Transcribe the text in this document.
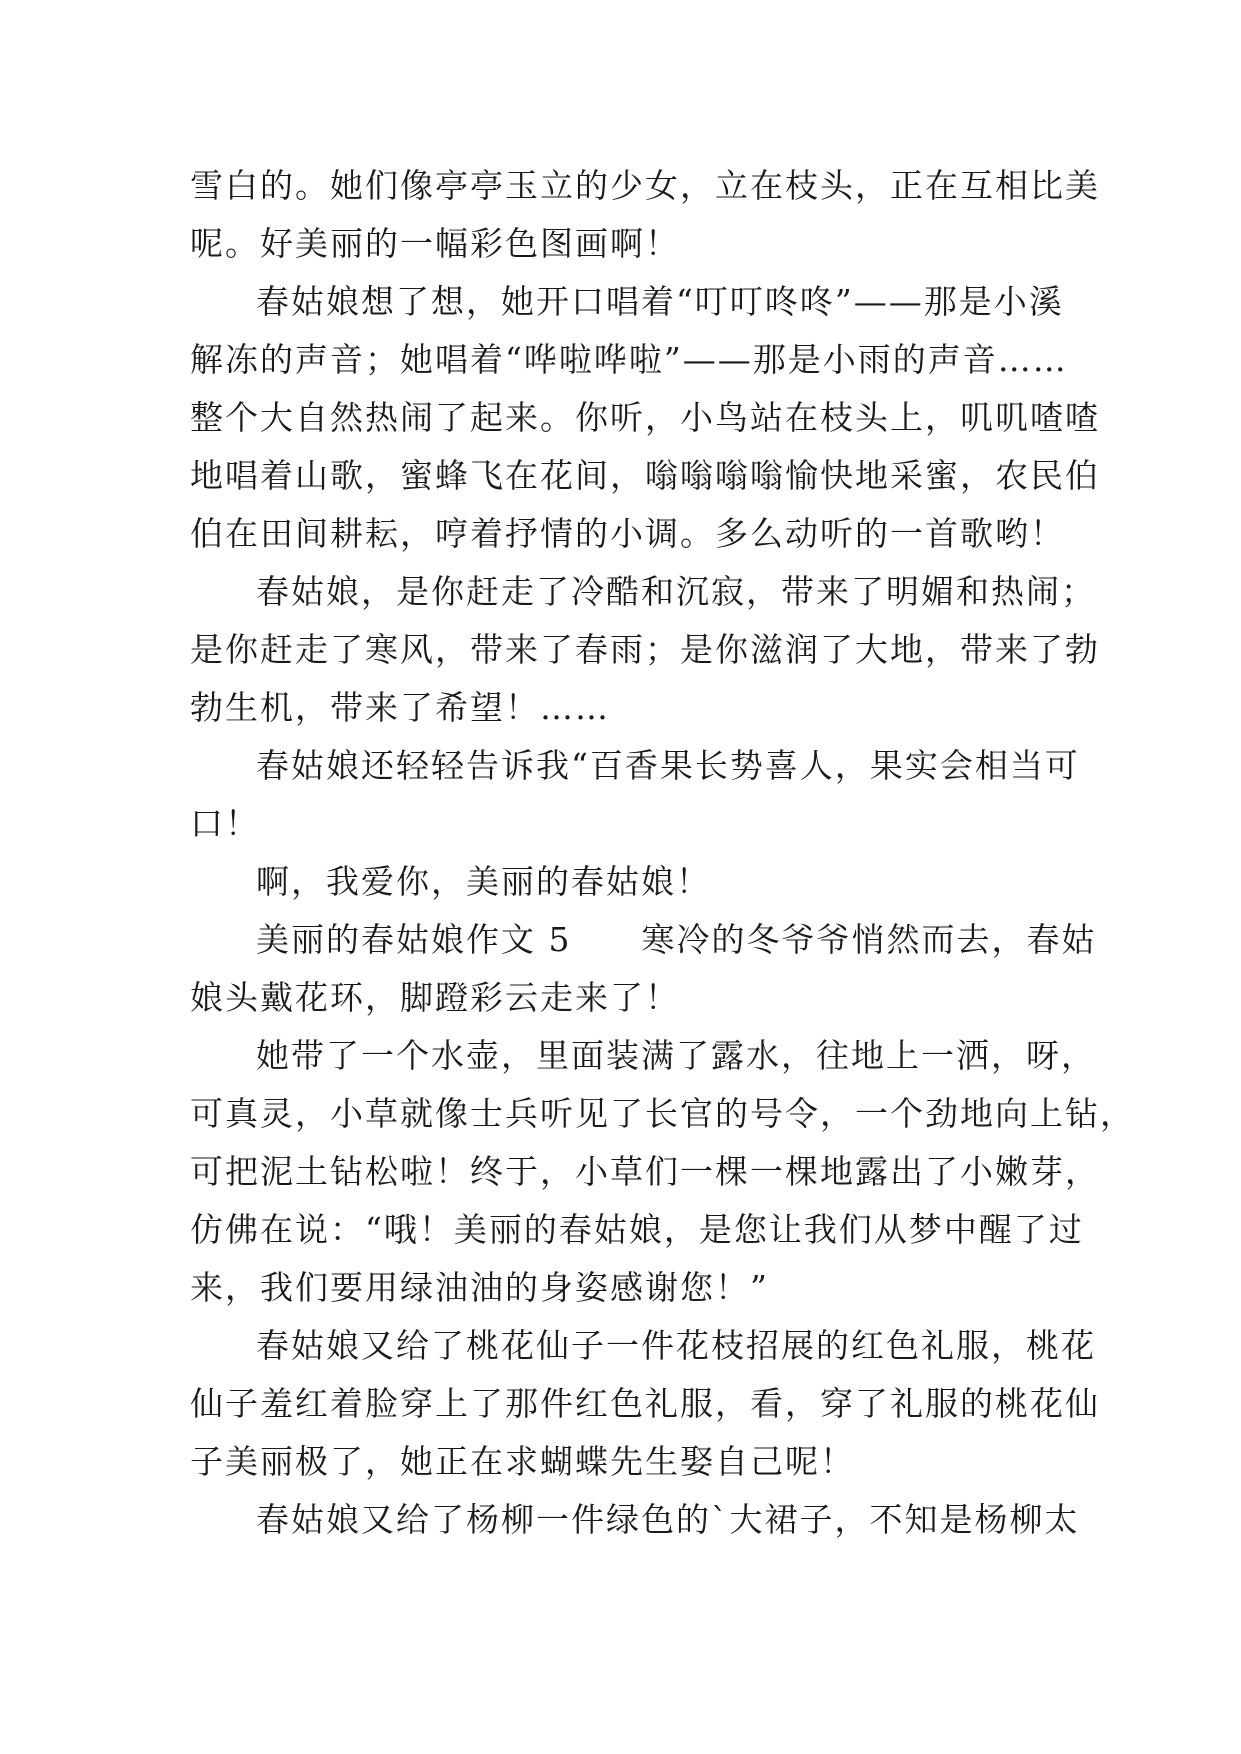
雪白的。她们像亭亭玉立的少女，立在枝头，正在互相比美
呢。好美丽的一幅彩色图画啊！
春姑娘想了想，她开口唱着“叮叮咚咚”——那是小溪
解冻的声音；她唱着“哗啦哗啦”——那是小雨的声音……
整个大自然热闹了起来。你听，小鸟站在枝头上，叽叽喳喳
地唱着山歌，蜜蜂飞在花间，嗡嗡嗡嗡愉快地采蜜，农民伯
伯在田间耕耘，哼着抒情的小调。多么动听的一首歌哟！
春姑娘，是你赶走了冷酷和沉寂，带来了明媚和热闹；
是你赶走了寒风，带来了春雨；是你滋润了大地，带来了勃
勃生机，带来了希望！……
春姑娘还轻轻告诉我“百香果长势喜人，果实会相当可
口！
啊，我爱你，美丽的春姑娘！
美丽的春姑娘作文 5　　寒冷的冬爷爷悄然而去，春姑
娘头戴花环，脚蹬彩云走来了！
她带了一个水壶，里面装满了露水，往地上一洒，呀，
可真灵，小草就像士兵听见了长官的号令，一个劲地向上钻，
可把泥土钻松啦！终于，小草们一棵一棵地露出了小嫩芽，
仿佛在说：“哦！美丽的春姑娘，是您让我们从梦中醒了过
来，我们要用绿油油的身姿感谢您！”
春姑娘又给了桃花仙子一件花枝招展的红色礼服，桃花
仙子羞红着脸穿上了那件红色礼服，看，穿了礼服的桃花仙
子美丽极了，她正在求蝴蝶先生娶自己呢！
春姑娘又给了杨柳一件绿色的`大裙子，不知是杨柳太
